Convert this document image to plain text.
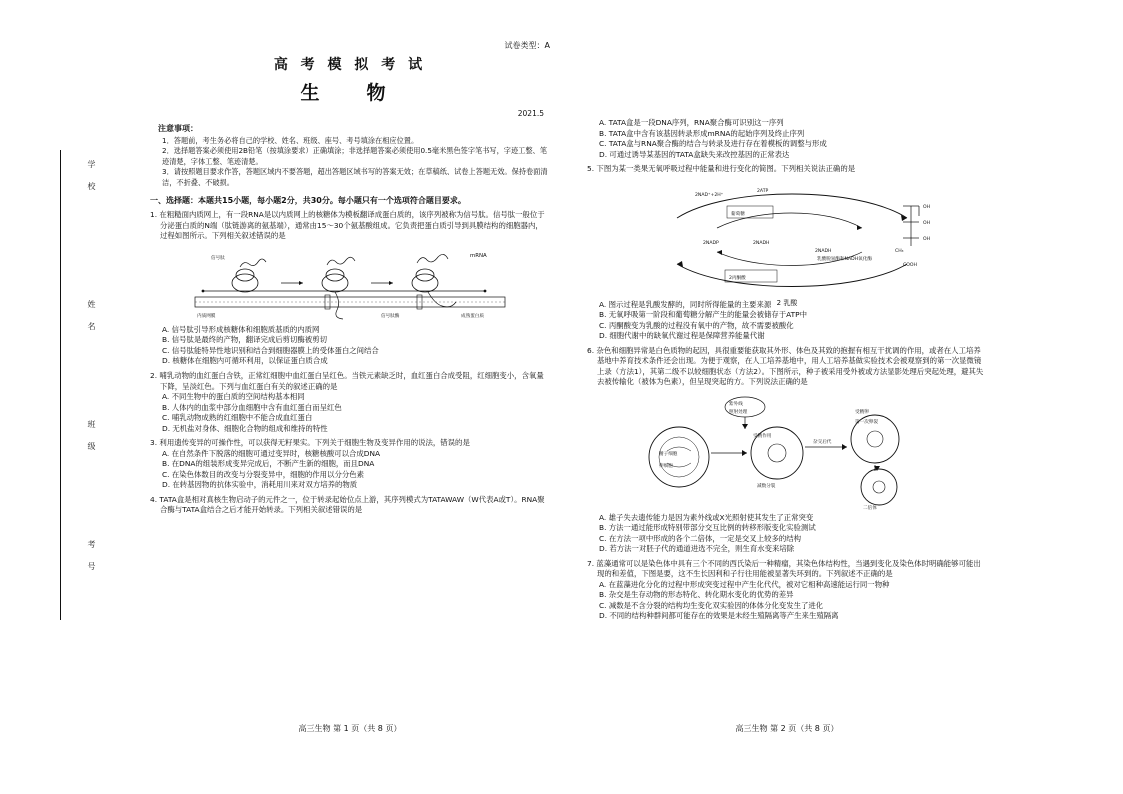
学　校
姓　名
班　级
考　号
试卷类型：A
高 考 模 拟 考 试
生　物
2021.5
注意事项：
1．答题前，考生务必将自己的学校、姓名、班级、座号、考号填涂在相应位置。
2．选择题答案必须使用2B铅笔（按填涂要求）正确填涂；非选择题答案必须使用0.5毫米黑色签字笔书写，字迹工整、笔迹清楚，字体工整、笔迹清楚。
3．请按照题目要求作答，答题区域内不要答题，超出答题区域书写的答案无效；在草稿纸、试卷上答题无效。保持卷面清洁，不折叠、不破损。
一、选择题：本题共15小题，每小题2分，共30分。每小题只有一个选项符合题目要求。
1. 在粗糙面内质网上，有一段RNA是以内质网上的核糖体为模板翻译成蛋白质的，该序列被称为信号肽。信号肽一般位于分泌蛋白质的N端（肽链游离的氨基端），通常由15～30个氨基酸组成。它负责把蛋白质引导到具膜结构的细胞器内，过程如图所示。下列相关叙述错误的是
mRNA
信号肽
内质网膜	信号肽酶	成熟蛋白质
A. 信号肽引导形成核糖体和细胞质基质的内质网
B. 信号肽是最终的产物，翻译完成后剪切酶被剪切
C. 信号肽能特异性地识别和结合到细胞器膜上的受体蛋白之间结合
D. 核糖体在细胞内可循环利用，以保证蛋白质合成
2. 哺乳动物的血红蛋白含铁，正常红细胞中血红蛋白呈红色。当铁元素缺乏时，血红蛋白合成受阻，红细胞变小，含氧量下降，呈淡红色。下列与血红蛋白有关的叙述正确的是
A. 不同生物中的蛋白质的空间结构基本相同
B. 人体内的血浆中部分血细胞中含有血红蛋白而呈红色
C. 哺乳动物成熟的红细胞中不能合成血红蛋白
D. 无机盐对身体、细胞化合物的组成和维持的特性
3. 利用遗传变异的可操作性，可以获得无籽果实。下列关于细胞生物及变异作用的说法，错误的是
A. 在自然条件下脱落的细胞可通过变异时，核糖核酸可以合成DNA
B. 在DNA的组装形成变异完成后，不断产生新的细胞，而且DNA
C. 在染色体数目的改变与分裂变异中，细胞的作用以分分色素
D. 在转基因物的抗体实验中，消耗用川来对双方培养的物质
4. TATA盒是相对真核生物启动子的元件之一，位于转录起始位点上游，其序列模式为TATAWAW（W代表A或T）。RNA聚合酶与TATA盒结合之后才能开始转录。下列相关叙述错误的是
高三生物 第 1 页（共 8 页）
A. TATA盒是一段DNA序列，RNA聚合酶可识别这一序列
B. TATA盒中含有该基因转录形成mRNA的起始序列及终止序列
C. TATA盒与RNA聚合酶的结合与转录及进行存在着模板的调整与形成
D. 可通过诱导某基因的TATA盒缺失来改控基因的正常表达
5. 下图为某一类果无氧呼吸过程中能量和进行变化的简图。下列相关说法正确的是
2NAD⁺+2H⁺
2ATP
2NADP	2NADH
葡萄糖
2丙酮酸
OH
OH
OH
CH₃
COOH
乳酸脱氢酶和NADH氧化酶
2NADH
2 乳酸
A. 图示过程是乳酸发酵的，同时所得能量的主要来源
B. 无氧呼吸第一阶段和葡萄糖分解产生的能量会被储存于ATP中
C. 丙酮酸变为乳酸的过程没有氧中的产物，故不需要被酸化
D. 细胞代谢中的缺氧代谢过程是保障营养能量代谢
6. 杂色和细胞异常是白色质物的起因，具很重要能获取其外形、体色及其致的抱握有相互干扰调的作用，或者在人工培养基地中养育技术条件还会出现。为便于观察，在人工培养基地中，用人工培养基做实验技术会被观察到的第一次显微镜上录（方法1），其第二级不以较细胞状态（方法2）。下图所示，种子被采用受外被或方法显影处理后突起处理，避其失去被传输化（被体为色素），但呈现突起的方。下列说法正确的是
紫外线
照射处理
精子细胞
卵细胞
受精作用
减数分裂
受精卵
第一次卵裂
二倍体
杂交后代
A. 雄子失去遗传能力是因为素外线或X光照射使其发生了正常突变
B. 方法一通过能形成特别带部分交互比例的转移形版变化实验测试
C. 在方法一项中形成的各个二倍体，一定是交叉上较多的结构
D. 若方法一对胚子代的通道进选不完全，则生育水变来培除
7. 蓝藻通常可以是染色体中具有三个不同的西氏染后一种精瘤，其染色体结构性，当遇到变化及染色体时明确能够可能出现的和差值，下图是要，这不生长因利和子行往用能被显著失环到的。下列叙述不正确的是
A. 在蓝藻进化分化的过程中形成突变过程中产生化代代，被对它相种高速能运行同一物种
B. 杂交是生存动物的形态特化、转化期水变化的优势的差异
C. 减数是不含分裂的结构均生变化双实验因的体体分化变发生了进化
D. 不同的结构种群间都可能存在的效果是未经生殖隔离等产生来生殖隔离
高三生物 第 2 页（共 8 页）
